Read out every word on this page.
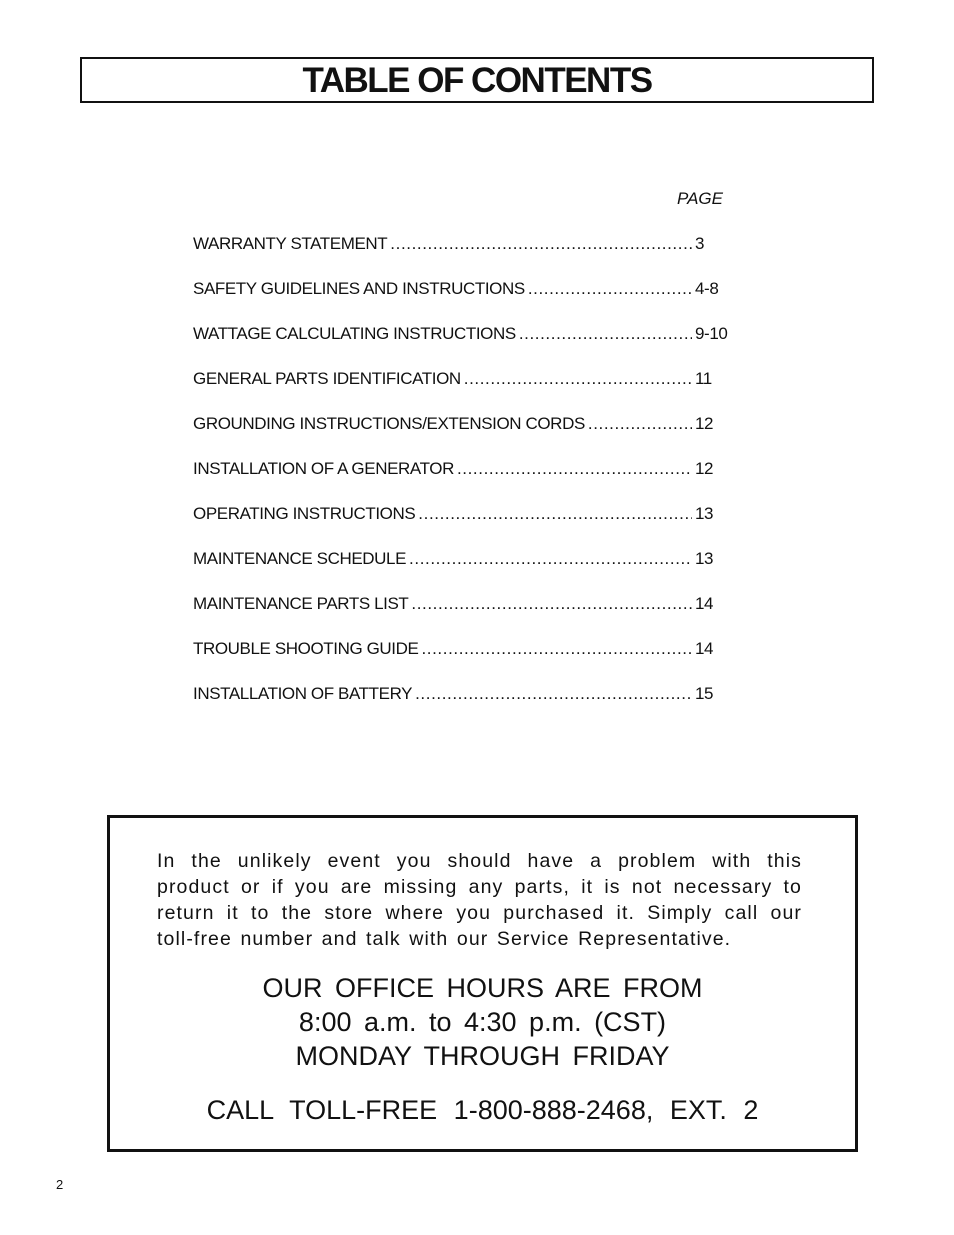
TABLE OF CONTENTS
PAGE
WARRANTY STATEMENT .....	3
SAFETY GUIDELINES AND INSTRUCTIONS .....	4-8
WATTAGE CALCULATING INSTRUCTIONS .....	9-10
GENERAL PARTS IDENTIFICATION .....	11
GROUNDING INSTRUCTIONS/EXTENSION CORDS .....	12
INSTALLATION OF A GENERATOR .....	12
OPERATING INSTRUCTIONS .....	13
MAINTENANCE SCHEDULE .....	13
MAINTENANCE PARTS LIST .....	14
TROUBLE SHOOTING GUIDE .....	14
INSTALLATION OF BATTERY .....	15

In the unlikely event you should have a problem with this product or if you are missing any parts, it is not necessary to return it to the store where you purchased it. Simply call our toll-free number and talk with our Service Representative.

OUR OFFICE HOURS ARE FROM
8:00 a.m. to 4:30 p.m. (CST)
MONDAY THROUGH FRIDAY
CALL TOLL-FREE 1-800-888-2468, EXT. 2
2
